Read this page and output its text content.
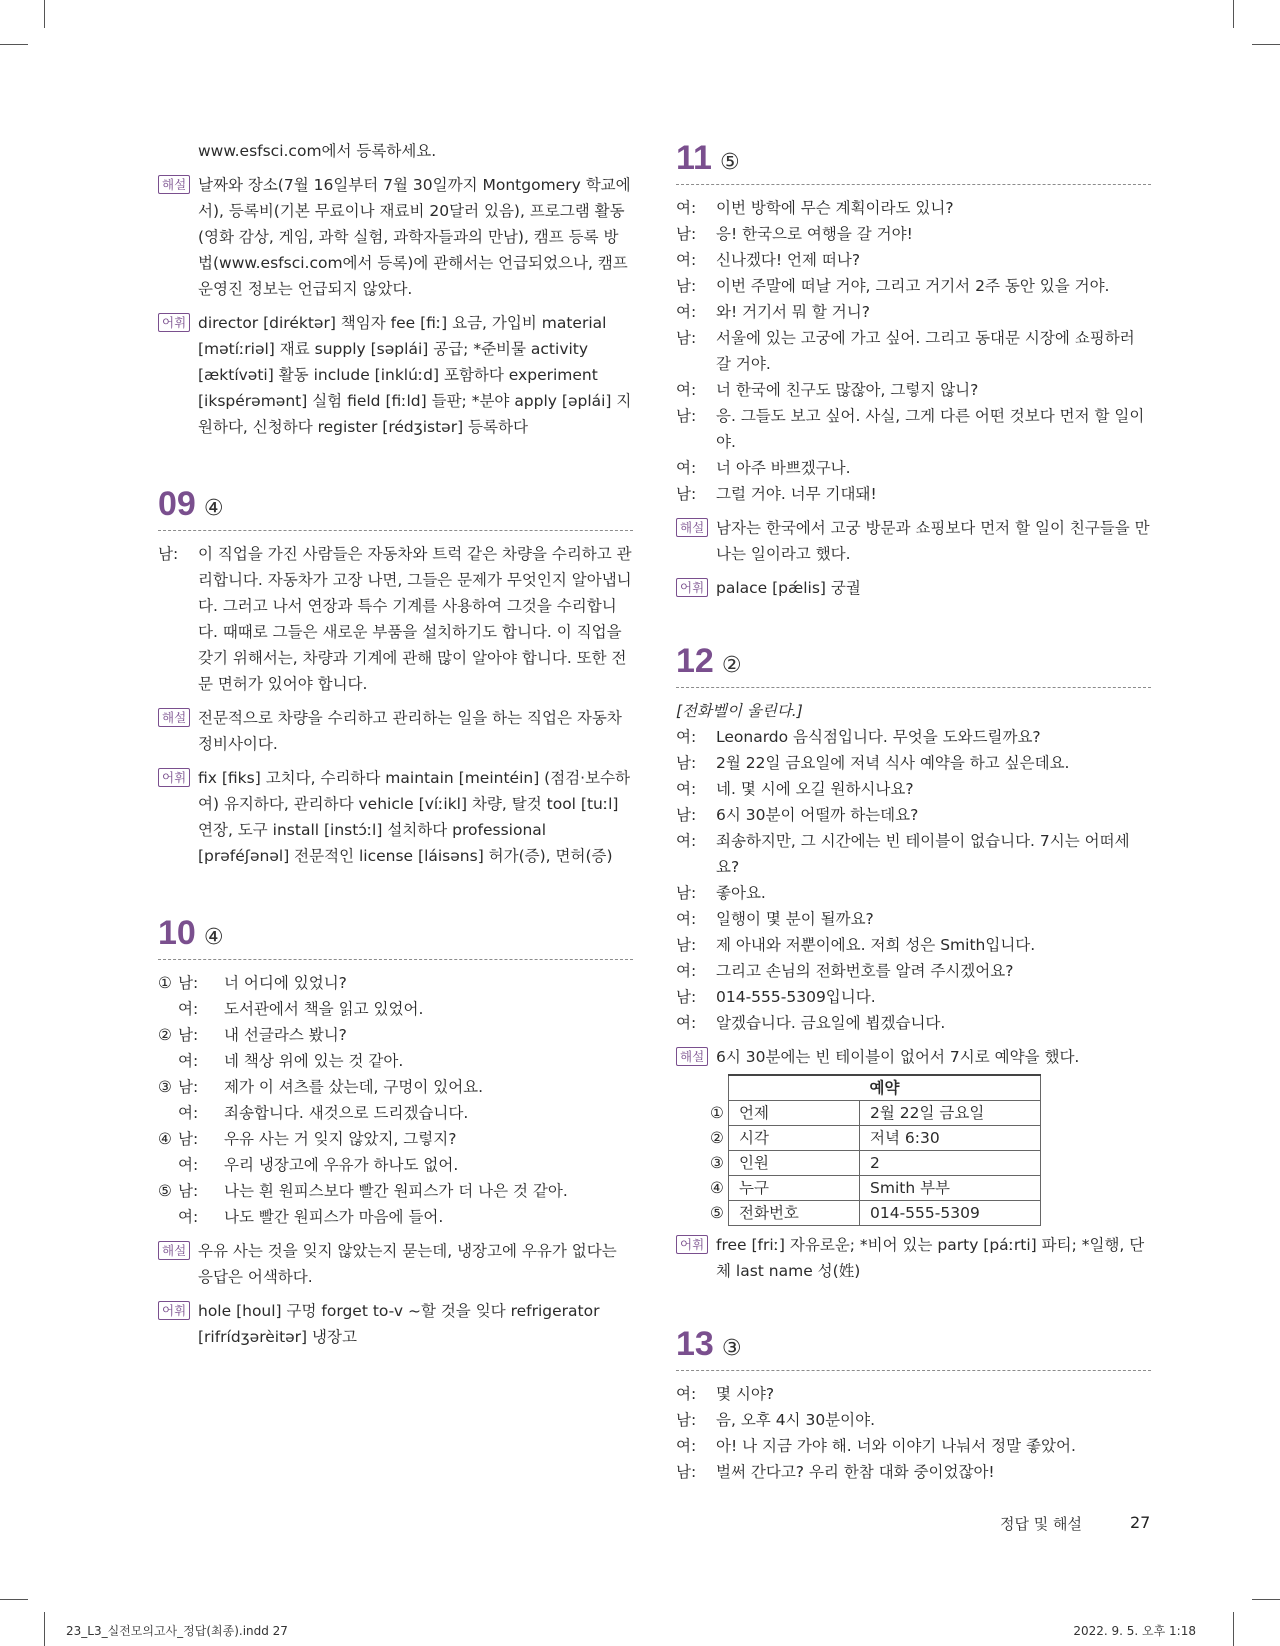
www.esfsci.com에서 등록하세요.

해설 날짜와 장소(7월 16일부터 7월 30일까지 Montgomery 학교에서), 등록비(기본 무료이나 재료비 20달러 있음), 프로그램 활동(영화 감상, 게임, 과학 실험, 과학자들과의 만남), 캠프 등록 방법(www.esfsci.com에서 등록)에 관해서는 언급되었으나, 캠프 운영진 정보는 언급되지 않았다.
어휘 director [diréktər] 책임자 fee [fiː] 요금, 가입비 material [mətíːriəl] 재료 supply [səplái] 공급; *준비물 activity [æktívəti] 활동 include [inklúːd] 포함하다 experiment [ikspérəmənt] 실험 field [fiːld] 들판; *분야 apply [əplái] 지원하다, 신청하다 register [rédʒistər] 등록하다
09 ④
남: 이 직업을 가진 사람들은 자동차와 트럭 같은 차량을 수리하고 관리합니다. 자동차가 고장 나면, 그들은 문제가 무엇인지 알아냅니다. 그러고 나서 연장과 특수 기계를 사용하여 그것을 수리합니다. 때때로 그들은 새로운 부품을 설치하기도 합니다. 이 직업을 갖기 위해서는, 차량과 기계에 관해 많이 알아야 합니다. 또한 전문 면허가 있어야 합니다.
해설 전문적으로 차량을 수리하고 관리하는 일을 하는 직업은 자동차 정비사이다.
어휘 fix [fiks] 고치다, 수리하다 maintain [meintéin] (점검·보수하여) 유지하다, 관리하다 vehicle [víːikl] 차량, 탈것 tool [tuːl] 연장, 도구 install [instɔ́ːl] 설치하다 professional [prəféʃənəl] 전문적인 license [láisəns] 허가(증), 면허(증)
10 ④
① 남: 너 어디에 있었니?
여: 도서관에서 책을 읽고 있었어.
② 남: 내 선글라스 봤니?
여: 네 책상 위에 있는 것 같아.
③ 남: 제가 이 셔츠를 샀는데, 구멍이 있어요.
여: 죄송합니다. 새것으로 드리겠습니다.
④ 남: 우유 사는 거 잊지 않았지, 그렇지?
여: 우리 냉장고에 우유가 하나도 없어.
⑤ 남: 나는 흰 원피스보다 빨간 원피스가 더 나은 것 같아.
여: 나도 빨간 원피스가 마음에 들어.
해설 우유 사는 것을 잊지 않았는지 묻는데, 냉장고에 우유가 없다는 응답은 어색하다.
어휘 hole [houl] 구멍 forget to-v ~할 것을 잊다 refrigerator [rifrídʒərèitər] 냉장고
11 ⑤
여: 이번 방학에 무슨 계획이라도 있니?
남: 응! 한국으로 여행을 갈 거야!
여: 신나겠다! 언제 떠나?
남: 이번 주말에 떠날 거야, 그리고 거기서 2주 동안 있을 거야.
여: 와! 거기서 뭐 할 거니?
남: 서울에 있는 고궁에 가고 싶어. 그리고 동대문 시장에 쇼핑하러 갈 거야.
여: 너 한국에 친구도 많잖아, 그렇지 않니?
남: 응. 그들도 보고 싶어. 사실, 그게 다른 어떤 것보다 먼저 할 일이야.
여: 너 아주 바쁘겠구나.
남: 그럴 거야. 너무 기대돼!
해설 남자는 한국에서 고궁 방문과 쇼핑보다 먼저 할 일이 친구들을 만나는 일이라고 했다.
어휘 palace [pǽlis] 궁궐
12 ②
[전화벨이 울린다.]
여: Leonardo 음식점입니다. 무엇을 도와드릴까요?
남: 2월 22일 금요일에 저녁 식사 예약을 하고 싶은데요.
여: 네. 몇 시에 오길 원하시나요?
남: 6시 30분이 어떨까 하는데요?
여: 죄송하지만, 그 시간에는 빈 테이블이 없습니다. 7시는 어떠세요?
남: 좋아요.
여: 일행이 몇 분이 될까요?
남: 제 아내와 저뿐이에요. 저희 성은 Smith입니다.
여: 그리고 손님의 전화번호를 알려 주시겠어요?
남: 014-555-5309입니다.
여: 알겠습니다. 금요일에 뵙겠습니다.
해설 6시 30분에는 빈 테이블이 없어서 7시로 예약을 했다.
	예약	
①	언제	2월 22일 금요일
②	시각	저녁 6:30
③	인원	2
④	누구	Smith 부부
⑤	전화번호	014-555-5309
어휘 free [friː] 자유로운; *비어 있는 party [páːrti] 파티; *일행, 단체 last name 성(姓)
13 ③
여: 몇 시야?
남: 음, 오후 4시 30분이야.
여: 아! 나 지금 가야 해. 너와 이야기 나눠서 정말 좋았어.
남: 벌써 간다고? 우리 한참 대화 중이었잖아!
정답 및 해설	27
23_L3_실전모의고사_정답(최종).indd 27	2022. 9. 5. 오후 1:18
